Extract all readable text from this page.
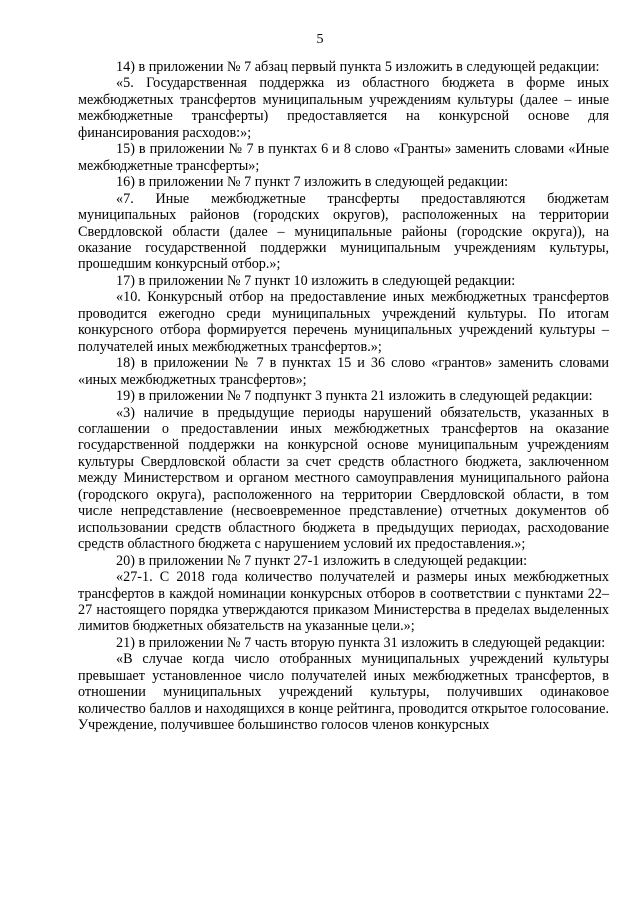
5

14) в приложении № 7 абзац первый пункта 5 изложить в следующей редакции:

«5. Государственная поддержка из областного бюджета в форме иных межбюджетных трансфертов муниципальным учреждениям культуры (далее – иные межбюджетные трансферты) предоставляется на конкурсной основе для финансирования расходов:»;

15) в приложении № 7 в пунктах 6 и 8 слово «Гранты» заменить словами «Иные межбюджетные трансферты»;

16) в приложении № 7 пункт 7 изложить в следующей редакции:

«7. Иные межбюджетные трансферты предоставляются бюджетам муниципальных районов (городских округов), расположенных на территории Свердловской области (далее – муниципальные районы (городские округа)), на оказание государственной поддержки муниципальным учреждениям культуры, прошедшим конкурсный отбор.»;

17) в приложении № 7 пункт 10 изложить в следующей редакции:

«10. Конкурсный отбор на предоставление иных межбюджетных трансфертов проводится ежегодно среди муниципальных учреждений культуры. По итогам конкурсного отбора формируется перечень муниципальных учреждений культуры – получателей иных межбюджетных трансфертов.»;

18) в приложении № 7 в пунктах 15 и 36 слово «грантов» заменить словами «иных межбюджетных трансфертов»;

19) в приложении № 7 подпункт 3 пункта 21 изложить в следующей редакции:

«3) наличие в предыдущие периоды нарушений обязательств, указанных в соглашении о предоставлении иных межбюджетных трансфертов на оказание государственной поддержки на конкурсной основе муниципальным учреждениям культуры Свердловской области за счет средств областного бюджета, заключенном между Министерством и органом местного самоуправления муниципального района (городского округа), расположенного на территории Свердловской области, в том числе непредставление (несвоевременное представление) отчетных документов об использовании средств областного бюджета в предыдущих периодах, расходование средств областного бюджета с нарушением условий их предоставления.»;

20) в приложении № 7 пункт 27-1 изложить в следующей редакции:

«27-1. С 2018 года количество получателей и размеры иных межбюджетных трансфертов в каждой номинации конкурсных отборов в соответствии с пунктами 22–27 настоящего порядка утверждаются приказом Министерства в пределах выделенных лимитов бюджетных обязательств на указанные цели.»;

21) в приложении № 7 часть вторую пункта 31 изложить в следующей редакции:

«В случае когда число отобранных муниципальных учреждений культуры превышает установленное число получателей иных межбюджетных трансфертов, в отношении муниципальных учреждений культуры, получивших одинаковое количество баллов и находящихся в конце рейтинга, проводится открытое голосование. Учреждение, получившее большинство голосов членов конкурсных
